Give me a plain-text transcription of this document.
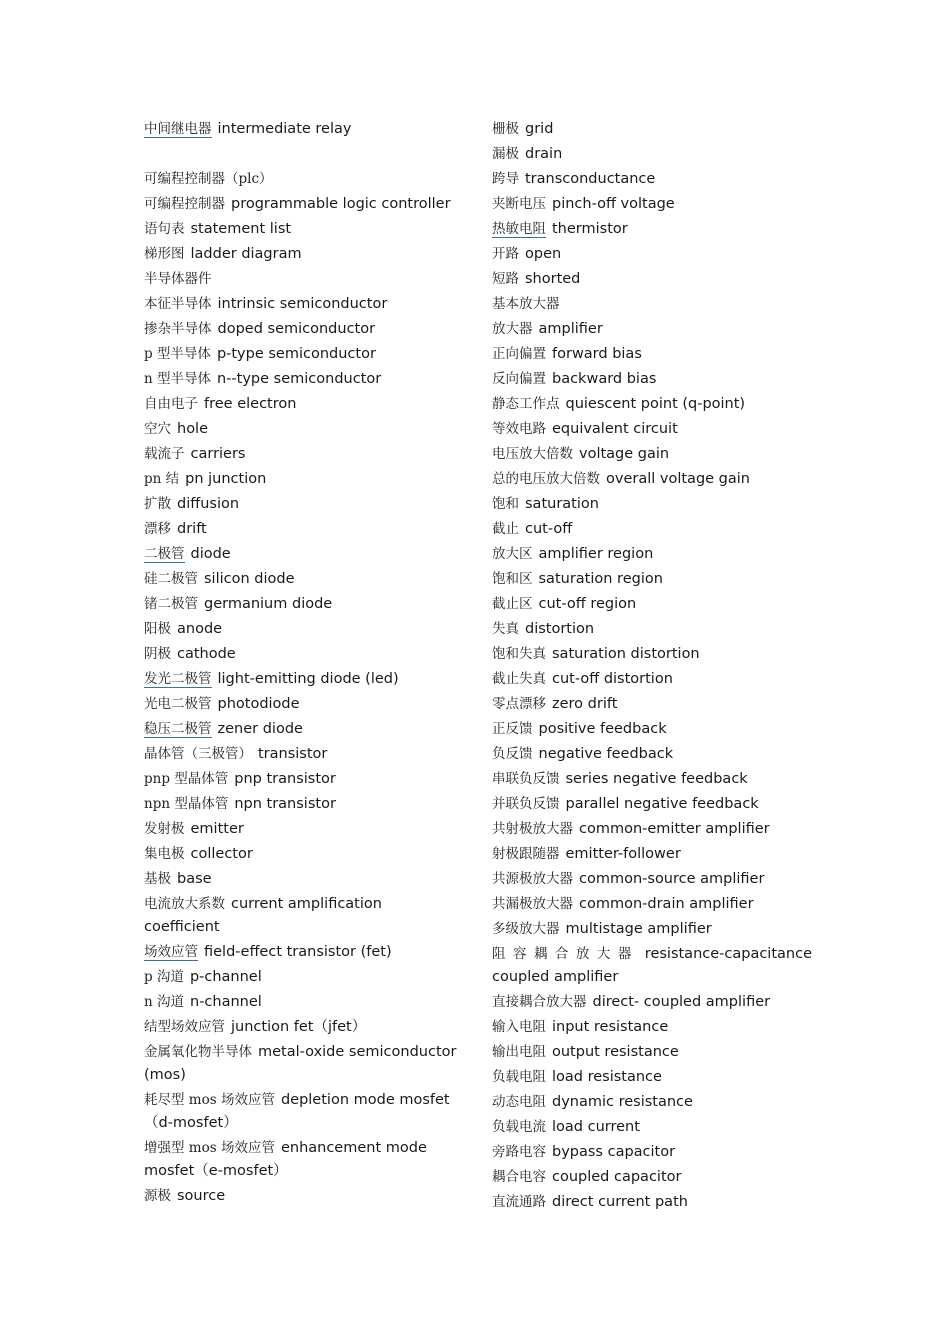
中间继电器 intermediate relay
可编程控制器（plc）
可编程控制器 programmable logic controller
语句表 statement list
梯形图 ladder diagram
半导体器件
本征半导体 intrinsic semiconductor
掺杂半导体 doped semiconductor
p 型半导体 p-type semiconductor
n 型半导体 n--type semiconductor
自由电子 free electron
空穴 hole
载流子 carriers
pn 结 pn junction
扩散 diffusion
漂移 drift
二极管 diode
硅二极管 silicon diode
锗二极管 germanium diode
阳极 anode
阴极 cathode
发光二极管 light-emitting diode (led)
光电二极管 photodiode
稳压二极管 zener diode
晶体管（三极管） transistor
pnp 型晶体管 pnp transistor
npn 型晶体管 npn transistor
发射极 emitter
集电极 collector
基极 base
电流放大系数 current amplification coefficient
场效应管 field-effect transistor (fet)
p 沟道 p-channel
n 沟道 n-channel
结型场效应管 junction fet（jfet）
金属氧化物半导体 metal-oxide semiconductor (mos)
耗尽型 mos 场效应管 depletion mode mosfet（d-mosfet）
增强型 mos 场效应管 enhancement mode mosfet（e-mosfet）
源极 source
栅极 grid
漏极 drain
跨导 transconductance
夹断电压 pinch-off voltage
热敏电阻 thermistor
开路 open
短路 shorted
基本放大器
放大器 amplifier
正向偏置 forward bias
反向偏置 backward bias
静态工作点 quiescent point (q-point)
等效电路 equivalent circuit
电压放大倍数 voltage gain
总的电压放大倍数 overall voltage gain
饱和 saturation
截止 cut-off
放大区 amplifier region
饱和区 saturation region
截止区 cut-off region
失真 distortion
饱和失真 saturation distortion
截止失真 cut-off distortion
零点漂移 zero drift
正反馈 positive feedback
负反馈 negative feedback
串联负反馈 series negative feedback
并联负反馈 parallel negative feedback
共射极放大器 common-emitter amplifier
射极跟随器 emitter-follower
共源极放大器 common-source amplifier
共漏极放大器 common-drain amplifier
多级放大器 multistage amplifier
阻容耦合放大器 resistance-capacitance coupled amplifier
直接耦合放大器 direct- coupled amplifier
输入电阻 input resistance
输出电阻 output resistance
负载电阻 load resistance
动态电阻 dynamic resistance
负载电流 load current
旁路电容 bypass capacitor
耦合电容 coupled capacitor
直流通路 direct current path
